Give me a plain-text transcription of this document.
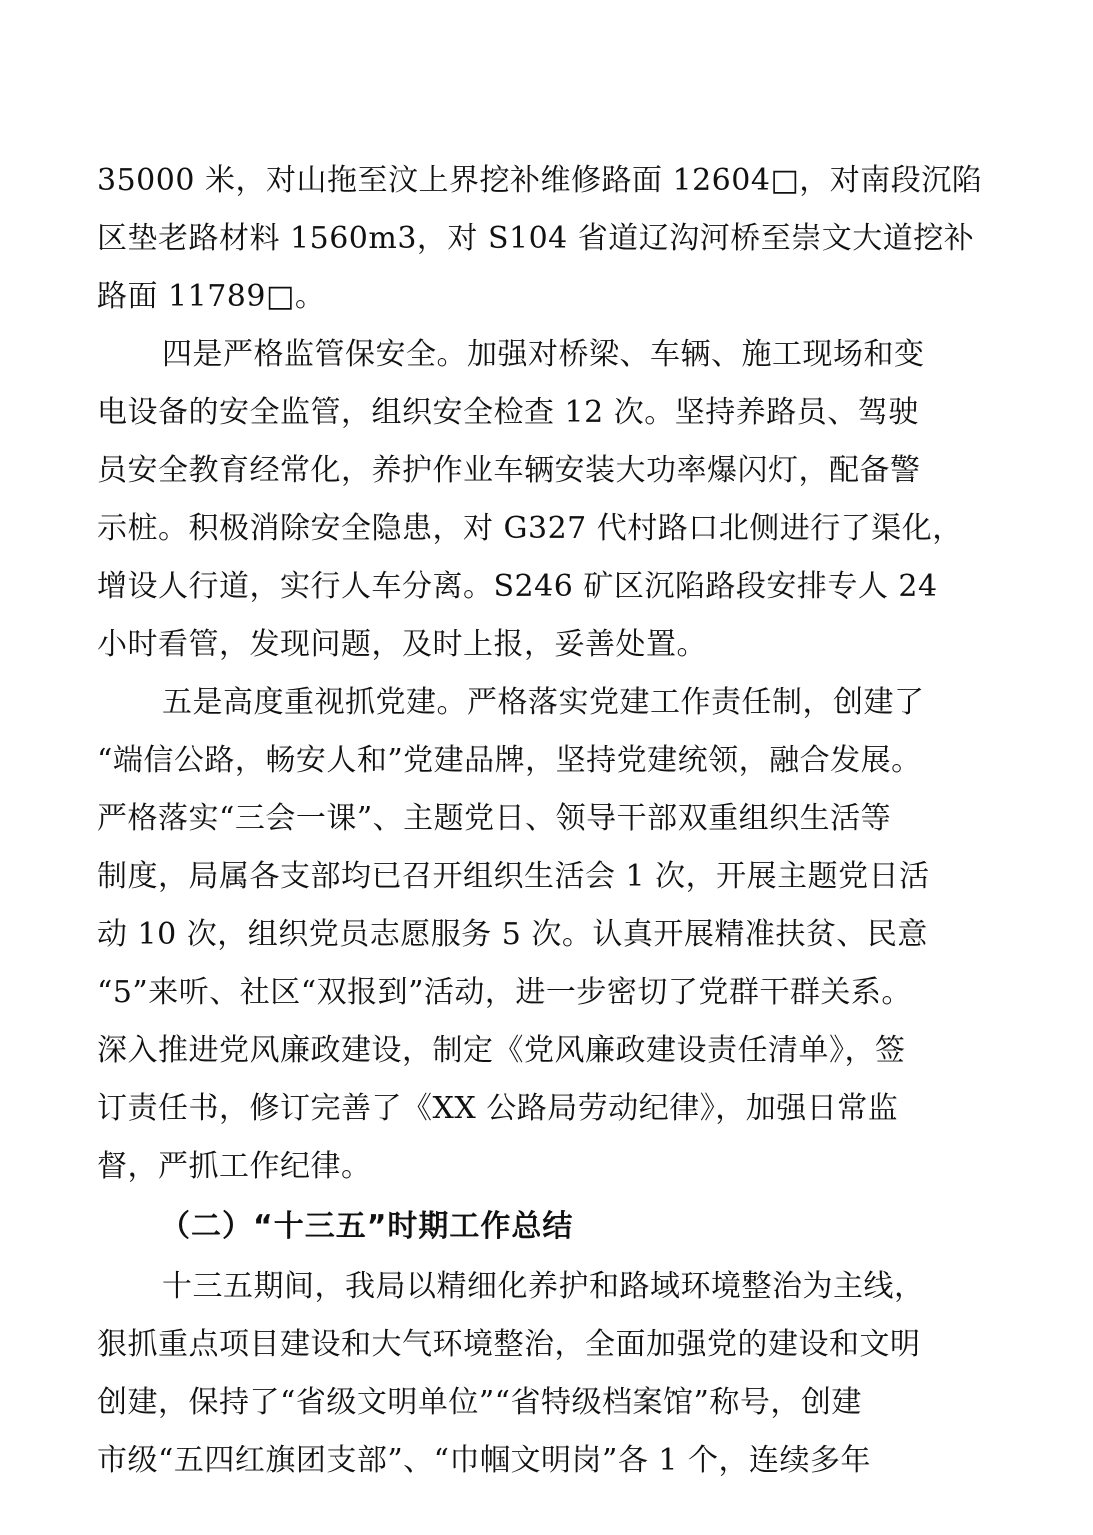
35000 米，对山拖至汶上界挖补维修路面 12604□，对南段沉陷
区垫老路材料 1560m3，对 S104 省道辽沟河桥至崇文大道挖补
路面 11789□。
四是严格监管保安全。加强对桥梁、车辆、施工现场和变
电设备的安全监管，组织安全检查 12 次。坚持养路员、驾驶
员安全教育经常化，养护作业车辆安装大功率爆闪灯，配备警
示桩。积极消除安全隐患，对 G327 代村路口北侧进行了渠化，
增设人行道，实行人车分离。S246 矿区沉陷路段安排专人 24
小时看管，发现问题，及时上报，妥善处置。
五是高度重视抓党建。严格落实党建工作责任制，创建了
“端信公路，畅安人和”党建品牌，坚持党建统领，融合发展。
严格落实“三会一课”、主题党日、领导干部双重组织生活等
制度，局属各支部均已召开组织生活会 1 次，开展主题党日活
动 10 次，组织党员志愿服务 5 次。认真开展精准扶贫、民意
“5”来听、社区“双报到”活动，进一步密切了党群干群关系。
深入推进党风廉政建设，制定《党风廉政建设责任清单》，签
订责任书，修订完善了《XX 公路局劳动纪律》，加强日常监
督，严抓工作纪律。
（二）“十三五”时期工作总结
十三五期间，我局以精细化养护和路域环境整治为主线，
狠抓重点项目建设和大气环境整治，全面加强党的建设和文明
创建，保持了“省级文明单位”“省特级档案馆”称号，创建
市级“五四红旗团支部”、“巾帼文明岗”各 1 个，连续多年
